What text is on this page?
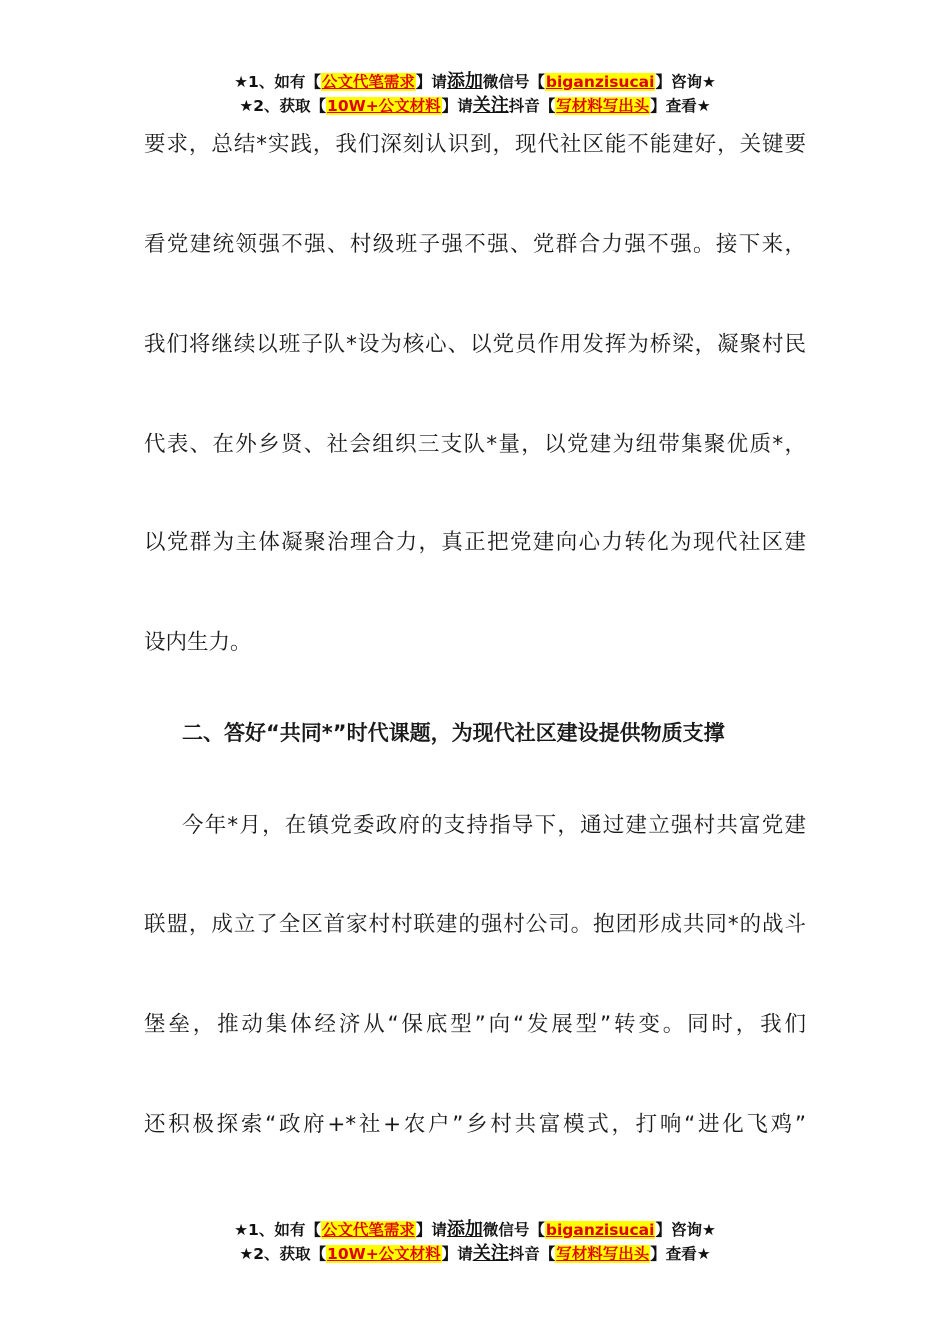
★1、如有【公文代笔需求】请添加微信号【biganzisucai】咨询★
★2、获取【10W+公文材料】请关注抖音【写材料写出头】查看★
要求，总结*实践，我们深刻认识到，现代社区能不能建好，关键要
看党建统领强不强、村级班子强不强、党群合力强不强。接下来，
我们将继续以班子队*设为核心、以党员作用发挥为桥梁，凝聚村民
代表、在外乡贤、社会组织三支队*量，以党建为纽带集聚优质*，
以党群为主体凝聚治理合力，真正把党建向心力转化为现代社区建
设内生力。
二、答好“共同*”时代课题，为现代社区建设提供物质支撑
今年*月，在镇党委政府的支持指导下，通过建立强村共富党建
联盟，成立了全区首家村村联建的强村公司。抱团形成共同*的战斗
堡垒，推动集体经济从“保底型”向“发展型”转变。同时，我们
还积极探索“政府+*社+农户”乡村共富模式，打响“进化飞鸡”
★1、如有【公文代笔需求】请添加微信号【biganzisucai】咨询★
★2、获取【10W+公文材料】请关注抖音【写材料写出头】查看★
